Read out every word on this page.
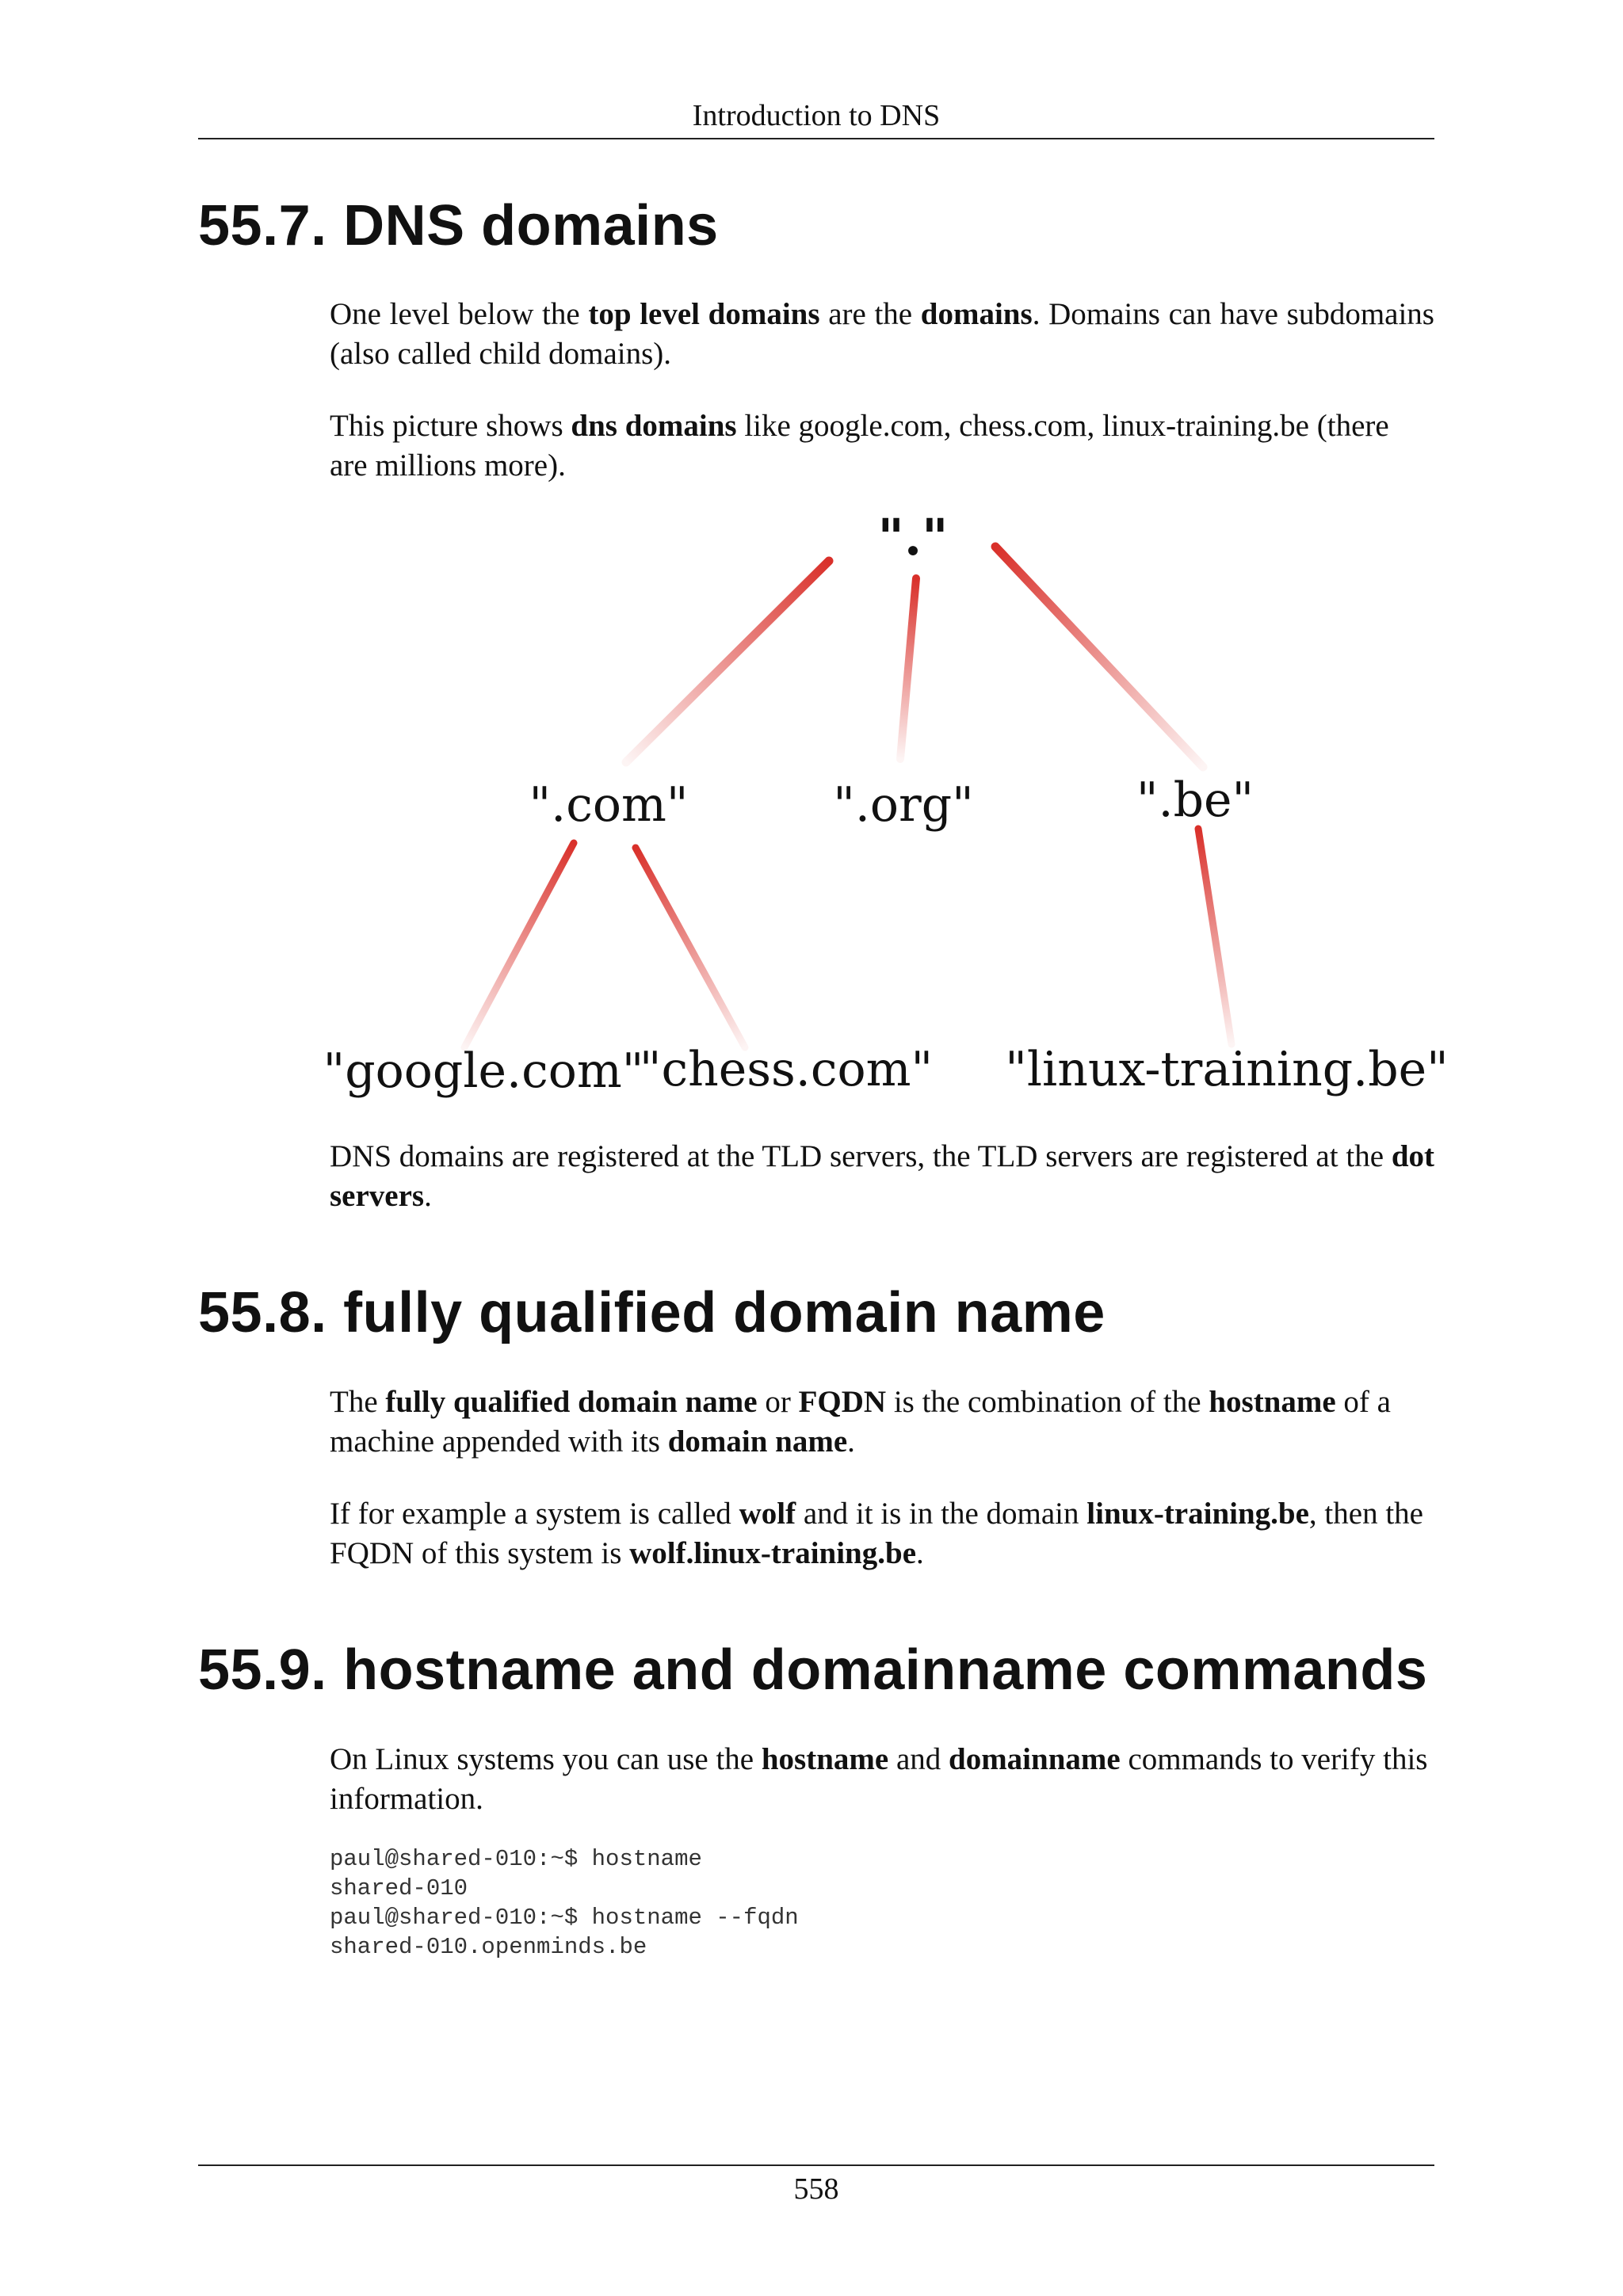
Introduction to DNS
55.7. DNS domains

One level below the top level domains are the domains. Domains can have subdomains (also called child domains).

This picture shows dns domains like google.com, chess.com, linux-training.be (there are millions more).

"."
".com"	".org"	".be"
"google.com"
"chess.com" "linux-training.be"

DNS domains are registered at the TLD servers, the TLD servers are registered at the dot servers.

55.8. fully qualified domain name

The fully qualified domain name or FQDN is the combination of the hostname of a machine appended with its domain name.

If for example a system is called wolf and it is in the domain linux-training.be, then the FQDN of this system is wolf.linux-training.be.

55.9. hostname and domainname commands

On Linux systems you can use the hostname and domainname commands to verify this information.

paul@shared-010:~$ hostname
shared-010
paul@shared-010:~$ hostname --fqdn
shared-010.openminds.be
558
